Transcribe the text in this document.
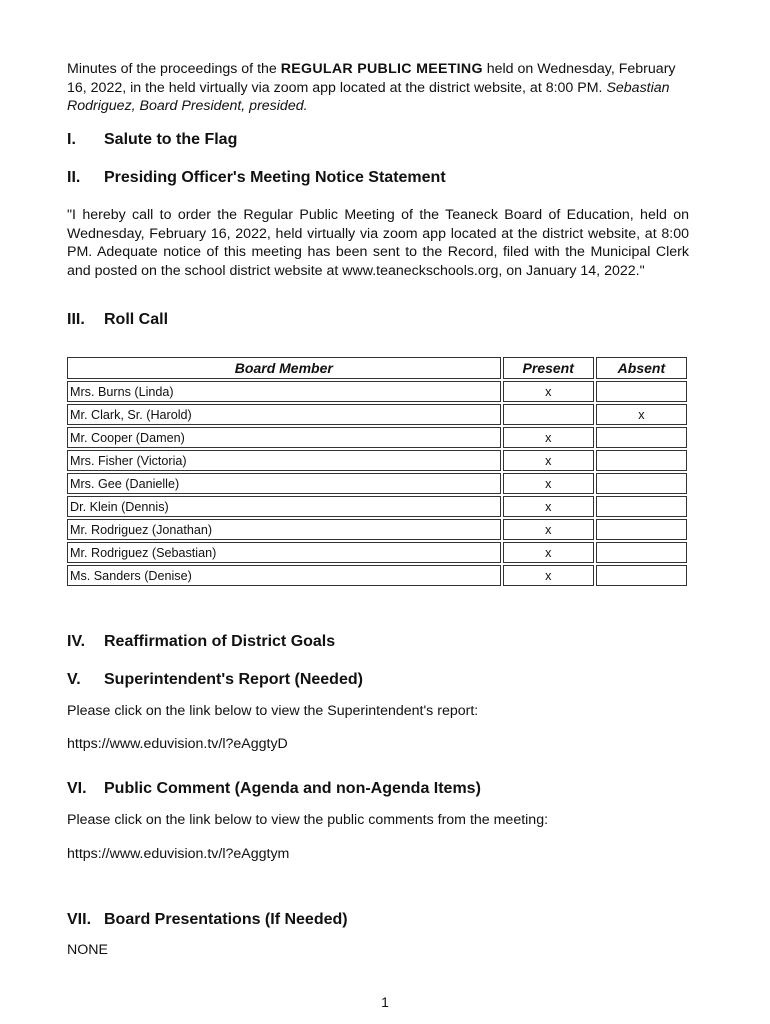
Minutes of the proceedings of the REGULAR PUBLIC MEETING held on Wednesday, February 16, 2022, in the held virtually via zoom app located at the district website, at 8:00 PM. Sebastian Rodriguez, Board President, presided.

I.	Salute to the Flag
II.	Presiding Officer's Meeting Notice Statement

"I hereby call to order the Regular Public Meeting of the Teaneck Board of Education, held on Wednesday, February 16, 2022, held virtually via zoom app located at the district website, at 8:00 PM. Adequate notice of this meeting has been sent to the Record, filed with the Municipal Clerk and posted on the school district website at www.teaneckschools.org, on January 14, 2022."

III.	Roll Call
Board Member	Present	Absent
Mrs. Burns (Linda)	x	
Mr. Clark, Sr. (Harold)		x
Mr. Cooper (Damen)	x	
Mrs. Fisher (Victoria)	x	
Mrs. Gee (Danielle)	x	
Dr. Klein (Dennis)	x	
Mr. Rodriguez (Jonathan)	x	
Mr. Rodriguez (Sebastian)	x	
Ms. Sanders (Denise)	x	
IV.	Reaffirmation of District Goals
V.	Superintendent's Report (Needed)

Please click on the link below to view the Superintendent's report:

https://www.eduvision.tv/l?eAggtyD

VI.	Public Comment (Agenda and non-Agenda Items)

Please click on the link below to view the public comments from the meeting:

https://www.eduvision.tv/l?eAggtym

VII. Board Presentations (If Needed)

NONE

1
